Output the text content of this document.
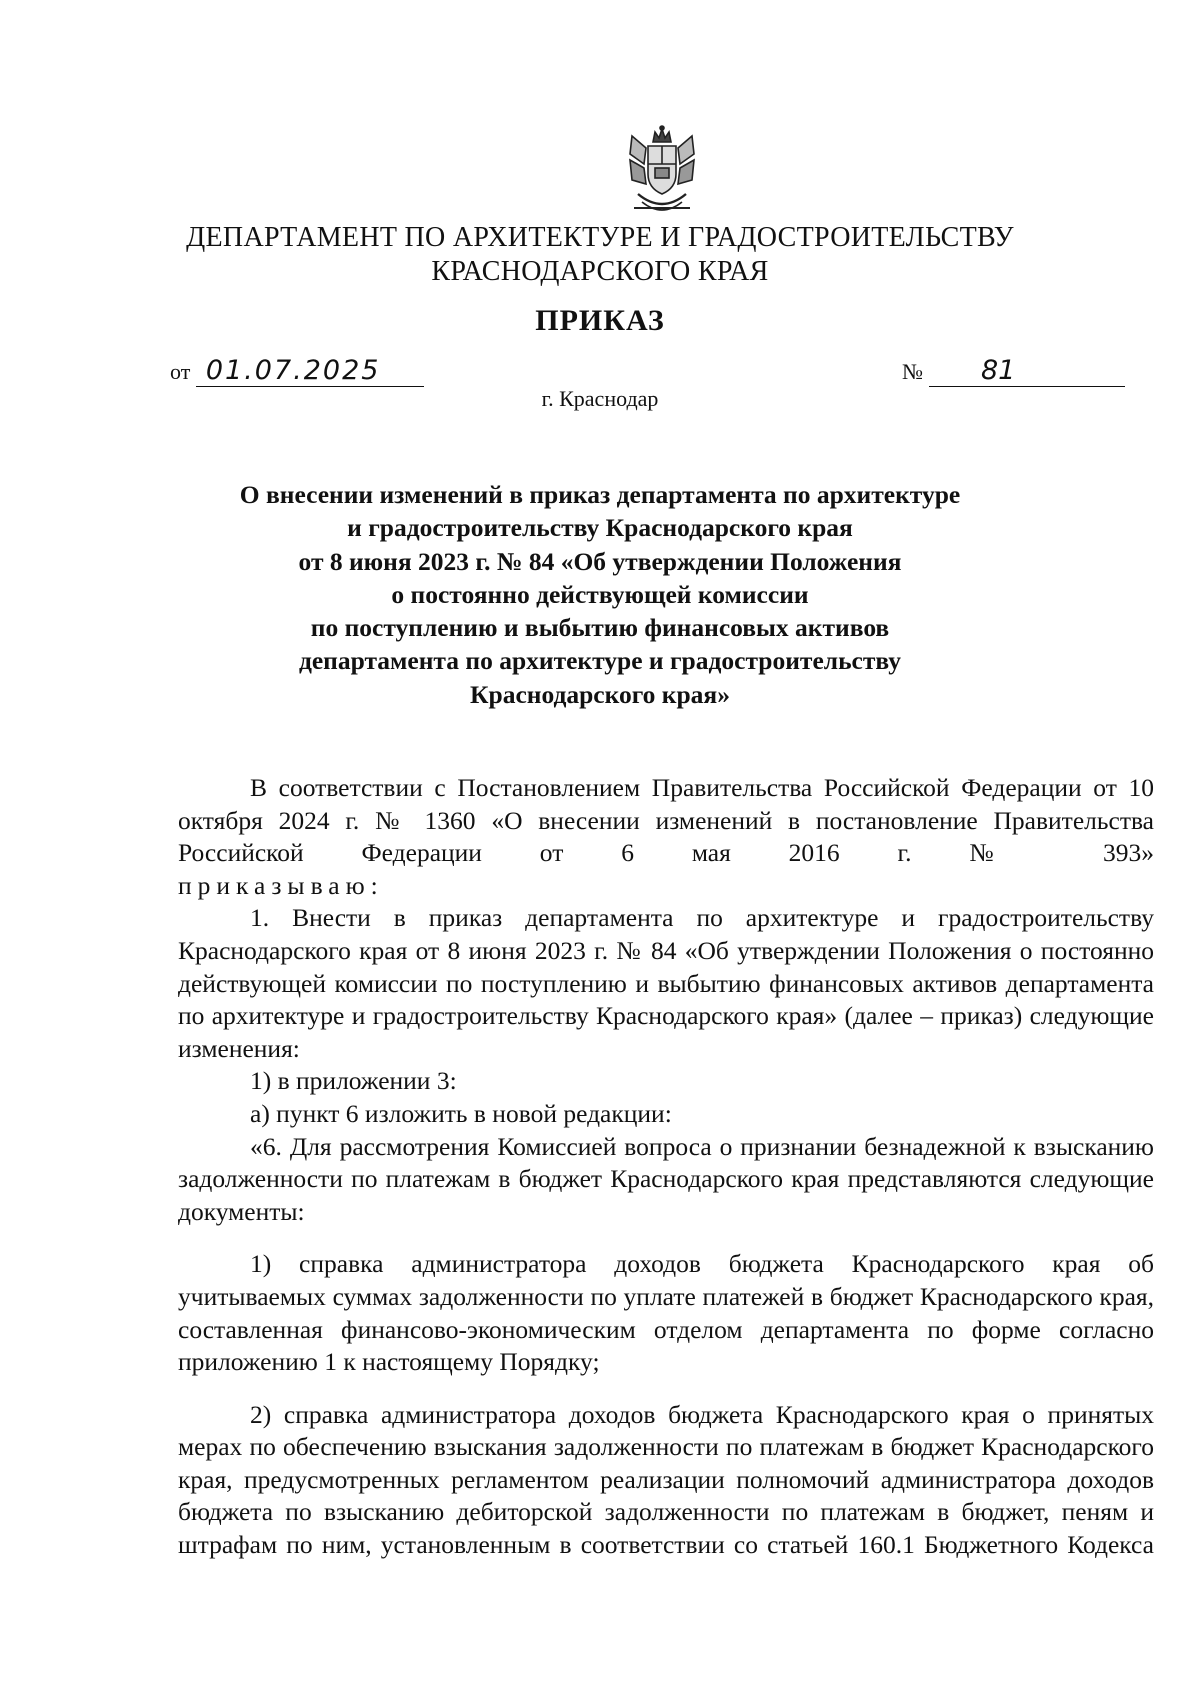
ДЕПАРТАМЕНТ ПО АРХИТЕКТУРЕ И ГРАДОСТРОИТЕЛЬСТВУ
КРАСНОДАРСКОГО КРАЯ
ПРИКАЗ
от 01.07.2025	№ 81
г. Краснодар
О внесении изменений в приказ департамента по архитектуре
и градостроительству Краснодарского края
от 8 июня 2023 г. № 84 «Об утверждении Положения
о постоянно действующей комиссии
по поступлению и выбытию финансовых активов
департамента по архитектуре и градостроительству
Краснодарского края»

В соответствии с Постановлением Правительства Российской Федерации от 10 октября 2024 г. № 1360 «О внесении изменений в постановление Правительства Российской Федерации от 6 мая 2016 г. № 393»

приказываю:

1. Внести в приказ департамента по архитектуре и градостроительству Краснодарского края от 8 июня 2023 г. № 84 «Об утверждении Положения о постоянно действующей комиссии по поступлению и выбытию финансовых активов департамента по архитектуре и градостроительству Краснодарского края» (далее – приказ) следующие изменения:

1) в приложении 3:

а) пункт 6 изложить в новой редакции:

«6. Для рассмотрения Комиссией вопроса о признании безнадежной к взысканию задолженности по платежам в бюджет Краснодарского края представляются следующие документы:

1) справка администратора доходов бюджета Краснодарского края об учитываемых суммах задолженности по уплате платежей в бюджет Краснодарского края, составленная финансово-экономическим отделом департамента по форме согласно приложению 1 к настоящему Порядку;

2) справка администратора доходов бюджета Краснодарского края о принятых мерах по обеспечению взыскания задолженности по платежам в бюджет Краснодарского края, предусмотренных регламентом реализации полномочий администратора доходов бюджета по взысканию дебиторской задолженности по платежам в бюджет, пеням и штрафам по ним, установленным в соответствии со статьей 160.1 Бюджетного Кодекса
